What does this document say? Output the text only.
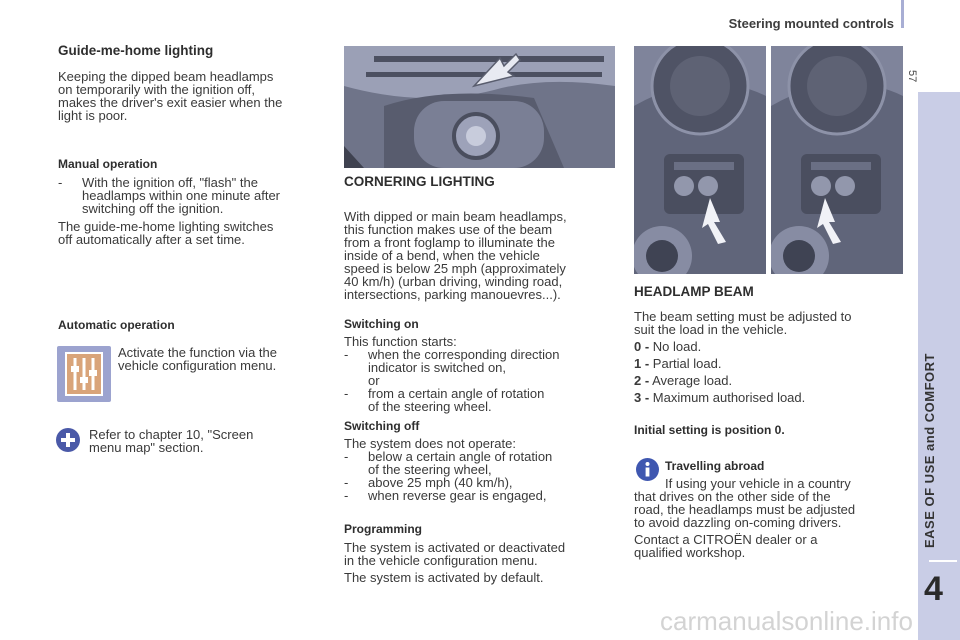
Steering mounted controls
57
EASE OF USE and COMFORT
4

Guide-me-home lighting

Keeping the dipped beam headlamps

on temporarily with the ignition off,

makes the driver's exit easier when the

light is poor.

Manual operation

-	With the ignition off, "flash" the

headlamps within one minute after

switching off the ignition.

The guide-me-home lighting switches

off automatically after a set time.

Automatic operation

Activate the function via the

vehicle configuration menu.

Refer to chapter 10, "Screen

menu map" section.

CORNERING LIGHTING

With dipped or main beam headlamps,

this function makes use of the beam

from a front foglamp to illuminate the

inside of a bend, when the vehicle

speed is below 25 mph (approximately

40 km/h) (urban driving, winding road,

intersections, parking manouevres...).

Switching on

This function starts:

-	when the corresponding direction

indicator is switched on,

or

-	from a certain angle of rotation

of the steering wheel.

Switching off

The system does not operate:

-	below a certain angle of rotation

of the steering wheel,

-	above 25 mph (40 km/h),

-	when reverse gear is engaged,

Programming

The system is activated or deactivated

in the vehicle configuration menu.

The system is activated by default.

HEADLAMP BEAM

The beam setting must be adjusted to

suit the load in the vehicle.

0 - No load.

1 - Partial load.

2 - Average load.

3 - Maximum authorised load.

Initial setting is position 0.

Travelling abroad

If using your vehicle in a country

that drives on the other side of the

road, the headlamps must be adjusted

to avoid dazzling on-coming drivers.

Contact a CITROËN dealer or a

qualified workshop.

carmanualsonline.info
